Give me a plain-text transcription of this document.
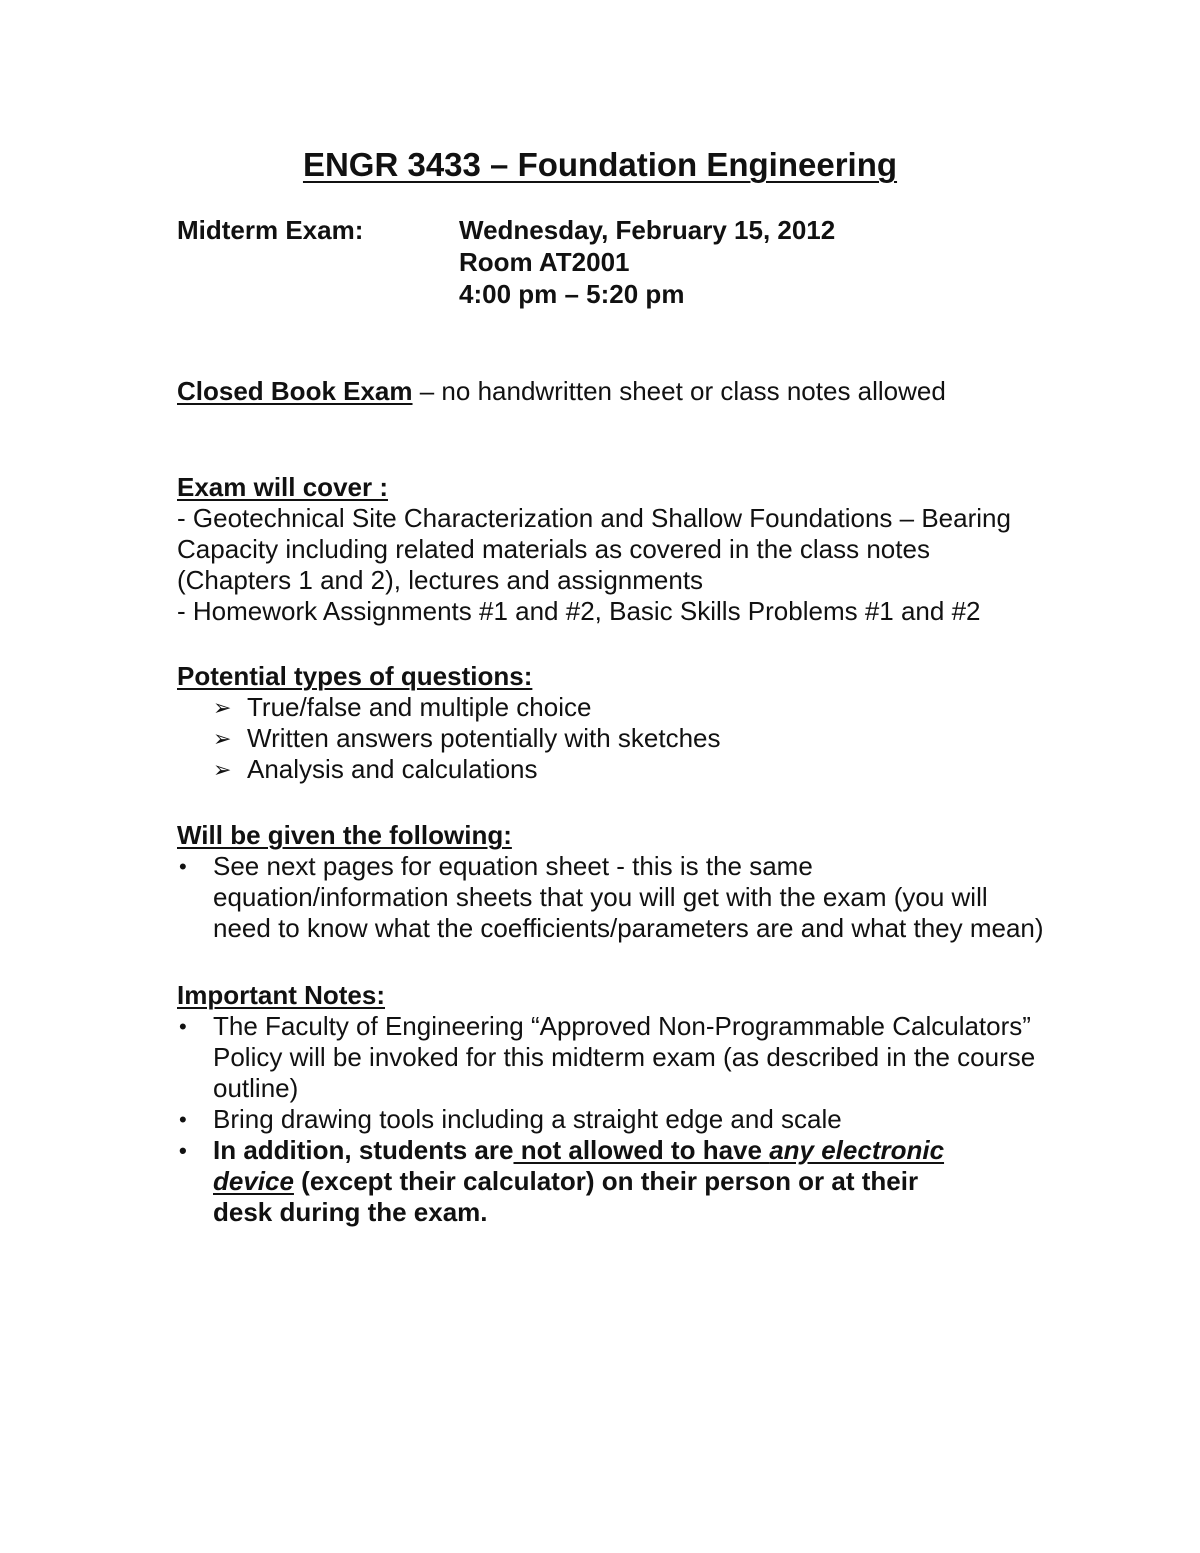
ENGR 3433 – Foundation Engineering
Midterm Exam:	Wednesday, February 15, 2012
Room AT2001
4:00 pm – 5:20 pm
Closed Book Exam – no handwritten sheet or class notes allowed
Exam will cover :
- Geotechnical Site Characterization and Shallow Foundations – Bearing
Capacity including related materials as covered in the class notes
(Chapters 1 and 2), lectures and assignments
- Homework Assignments #1 and #2, Basic Skills Problems #1 and #2
Potential types of questions:
➢ True/false and multiple choice
➢ Written answers potentially with sketches
➢ Analysis and calculations
Will be given the following:
• See next pages for equation sheet - this is the same
equation/information sheets that you will get with the exam (you will
need to know what the coefficients/parameters are and what they mean)
Important Notes:
• The Faculty of Engineering “Approved Non-Programmable Calculators”
Policy will be invoked for this midterm exam (as described in the course
outline)
• Bring drawing tools including a straight edge and scale
• In addition, students are not allowed to have any electronic
device (except their calculator) on their person or at their
desk during the exam.
